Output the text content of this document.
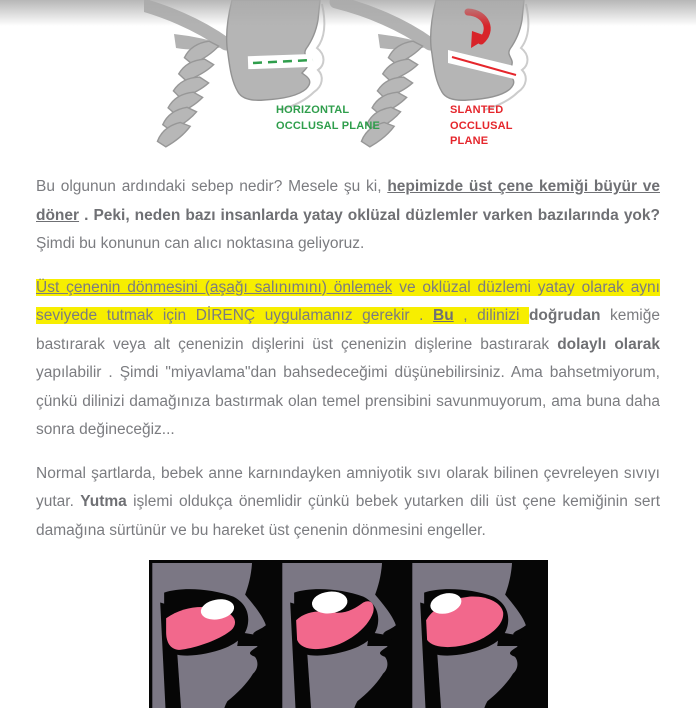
HORIZONTAL
OCCLUSAL PLANE
SLANTED
OCCLUSAL PLANE

Bu olgunun ardındaki sebep nedir? Mesele şu ki, hepimizde üst çene kemiği büyür ve döner . Peki, neden bazı insanlarda yatay oklüzal düzlemler varken bazılarında yok? Şimdi bu konunun can alıcı noktasına geliyoruz.

Üst çenenin dönmesini (aşağı salınımını) önlemek ve oklüzal düzlemi yatay olarak aynı seviyede tutmak için DİRENÇ uygulamanız gerekir . Bu , dilinizi doğrudan kemiğe bastırarak veya alt çenenizin dişlerini üst çenenizin dişlerine bastırarak dolaylı olarak yapılabilir . Şimdi "miyavlama"dan bahsedeceğimi düşünebilirsiniz. Ama bahsetmiyorum, çünkü dilinizi damağınıza bastırmak olan temel prensibini savunmuyorum, ama buna daha sonra değineceğiz...

Normal şartlarda, bebek anne karnındayken amniyotik sıvı olarak bilinen çevreleyen sıvıyı yutar. Yutma işlemi oldukça önemlidir çünkü bebek yutarken dili üst çene kemiğinin sert damağına sürtünür ve bu hareket üst çenenin dönmesini engeller.
